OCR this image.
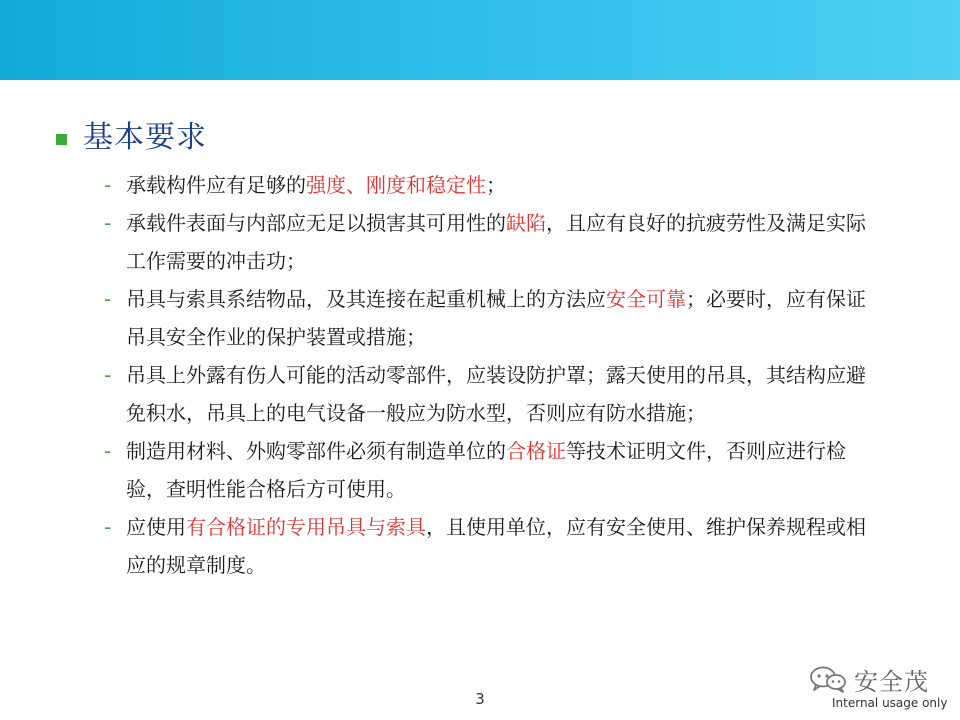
基本要求
- 承载构件应有足够的强度、刚度和稳定性；
- 承载件表面与内部应无足以损害其可用性的缺陷，且应有良好的抗疲劳性及满足实际工作需要的冲击功；
- 吊具与索具系结物品，及其连接在起重机械上的方法应安全可靠；必要时，应有保证吊具安全作业的保护装置或措施；
- 吊具上外露有伤人可能的活动零部件，应装设防护罩；露天使用的吊具，其结构应避免积水，吊具上的电气设备一般应为防水型，否则应有防水措施；
- 制造用材料、外购零部件必须有制造单位的合格证等技术证明文件，否则应进行检验，查明性能合格后方可使用。
- 应使用有合格证的专用吊具与索具，且使用单位，应有安全使用、维护保养规程或相应的规章制度。
3
安全茂
Internal usage only
